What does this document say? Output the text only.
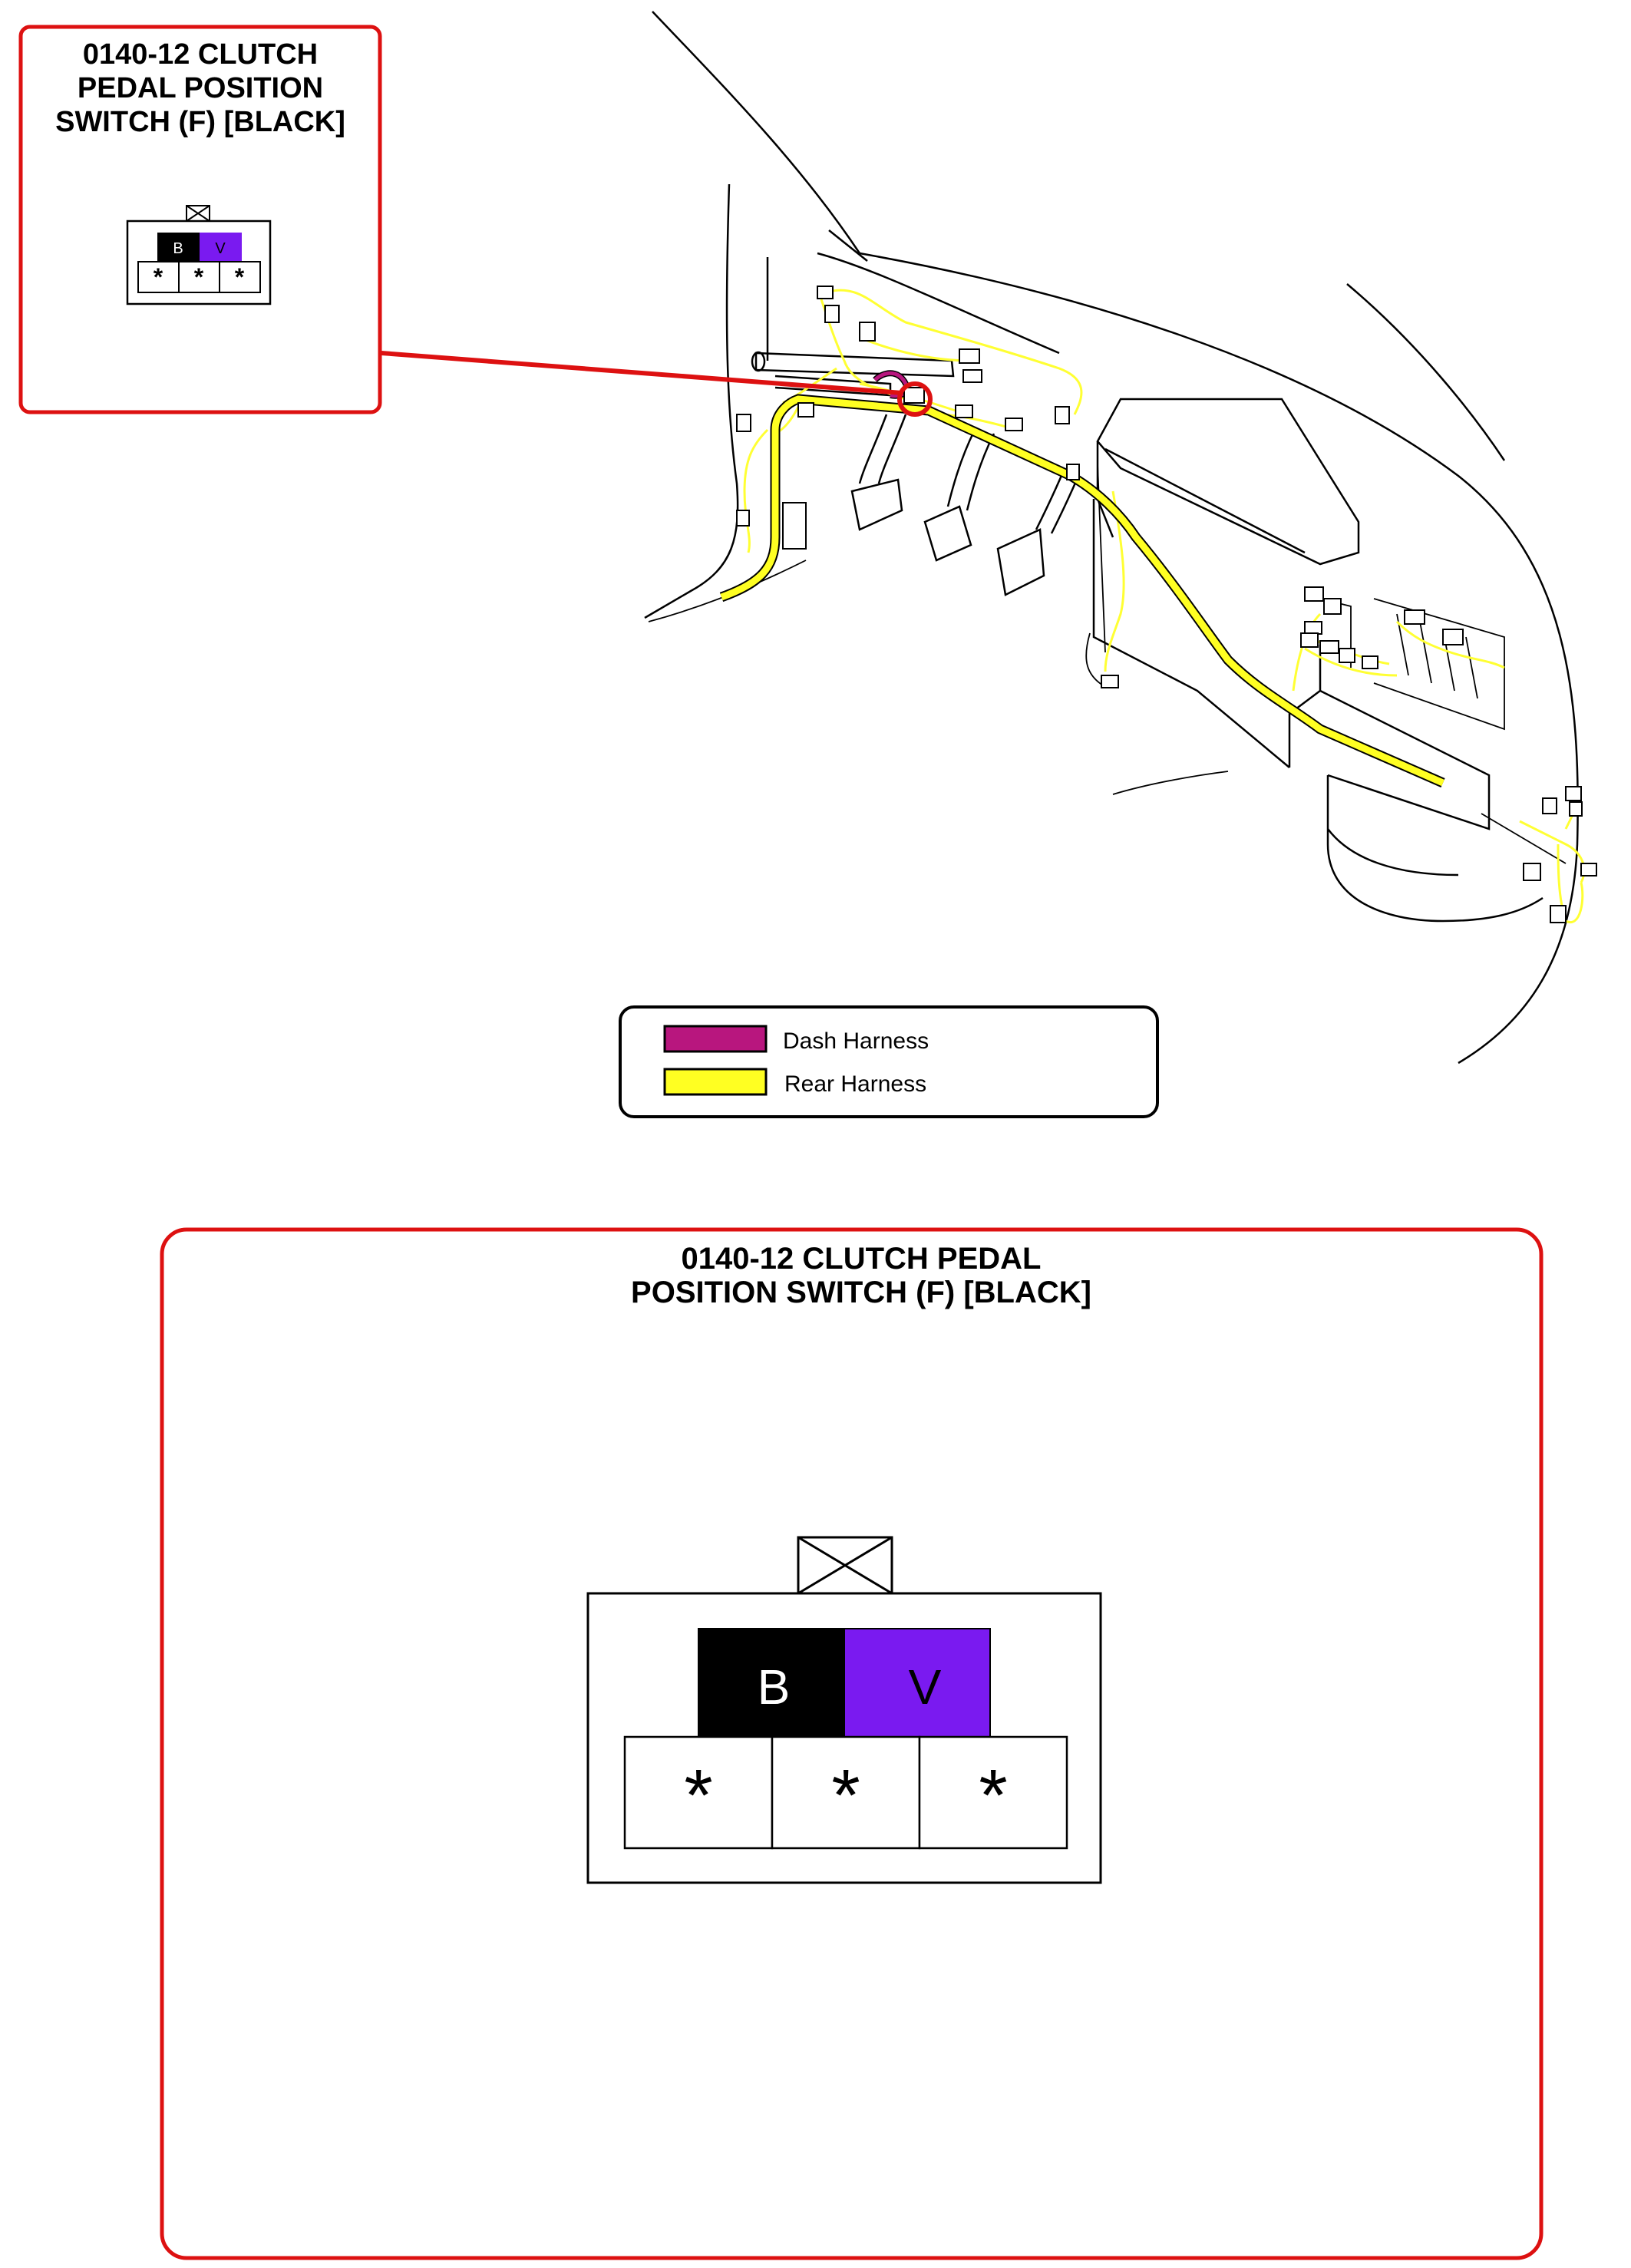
0140-12 CLUTCH
PEDAL POSITION
SWITCH (F) [BLACK]
B V
* * *
Dash Harness
Rear Harness
0140-12 CLUTCH PEDAL
POSITION SWITCH (F) [BLACK]
B V
* * *
